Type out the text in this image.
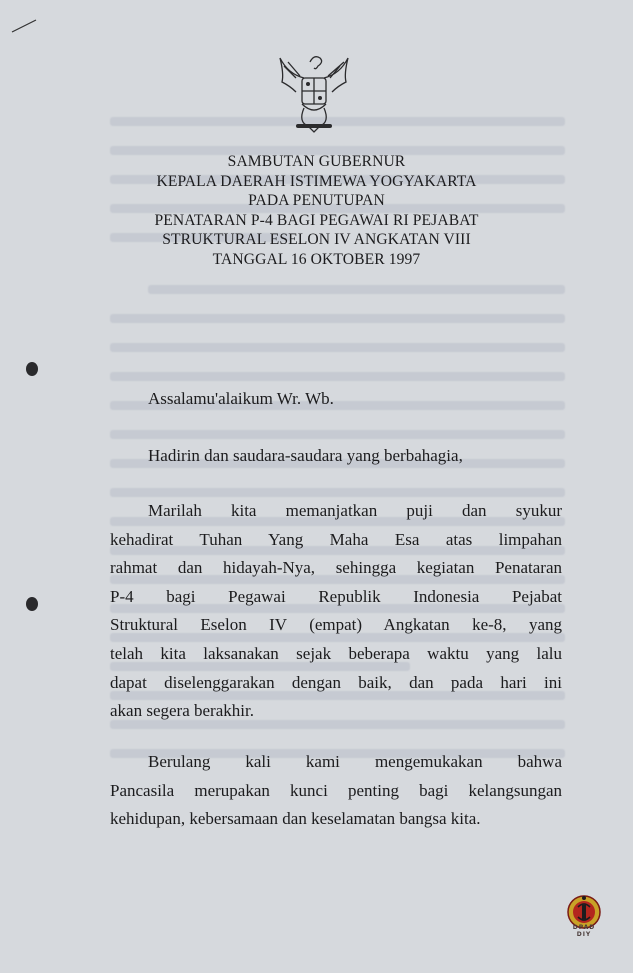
SAMBUTAN GUBERNUR
KEPALA DAERAH ISTIMEWA YOGYAKARTA
PADA PENUTUPAN
PENATARAN P-4 BAGI PEGAWAI RI PEJABAT
STRUKTURAL ESELON IV ANGKATAN VIII
TANGGAL 16 OKTOBER 1997
Assalamu'alaikum Wr. Wb.
Hadirin dan saudara-saudara yang berbahagia,
Marilah kita memanjatkan puji dan syukur
kehadirat Tuhan Yang Maha Esa atas limpahan
rahmat dan hidayah-Nya, sehingga kegiatan Penataran
P-4 bagi Pegawai Republik Indonesia Pejabat
Struktural Eselon IV (empat) Angkatan ke-8, yang
telah kita laksanakan sejak beberapa waktu yang lalu
dapat diselenggarakan dengan baik, dan pada hari ini
akan segera berakhir.
Berulang kali kami mengemukakan bahwa
Pancasila merupakan kunci penting bagi kelangsungan
kehidupan, kebersamaan dan keselamatan bangsa kita.
DPAD
DIY
